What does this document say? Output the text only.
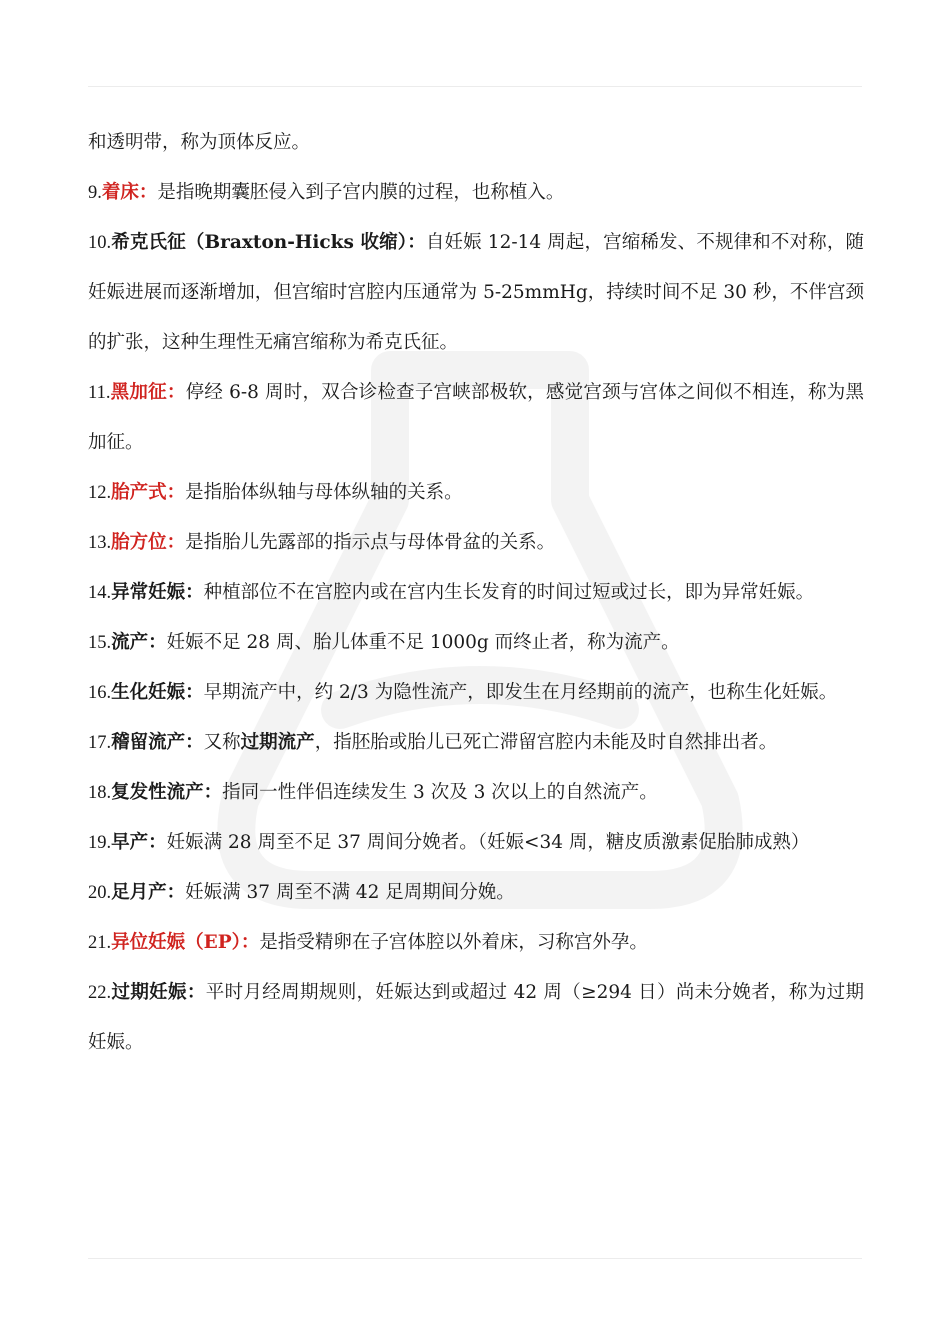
和透明带，称为顶体反应。

9.着床：是指晚期囊胚侵入到子宫内膜的过程，也称植入。

10.希克氏征（Braxton-Hicks 收缩）：自妊娠 12-14 周起，宫缩稀发、不规律和不对称，随妊娠进展而逐渐增加，但宫缩时宫腔内压通常为 5-25mmHg，持续时间不足 30 秒，不伴宫颈的扩张，这种生理性无痛宫缩称为希克氏征。

11.黑加征：停经 6-8 周时，双合诊检查子宫峡部极软，感觉宫颈与宫体之间似不相连，称为黑加征。

12.胎产式：是指胎体纵轴与母体纵轴的关系。

13.胎方位：是指胎儿先露部的指示点与母体骨盆的关系。

14.异常妊娠：种植部位不在宫腔内或在宫内生长发育的时间过短或过长，即为异常妊娠。

15.流产：妊娠不足 28 周、胎儿体重不足 1000g 而终止者，称为流产。

16.生化妊娠：早期流产中，约 2/3 为隐性流产，即发生在月经期前的流产，也称生化妊娠。

17.稽留流产：又称过期流产，指胚胎或胎儿已死亡滞留宫腔内未能及时自然排出者。

18.复发性流产：指同一性伴侣连续发生 3 次及 3 次以上的自然流产。

19.早产：妊娠满 28 周至不足 37 周间分娩者。（妊娠<34 周，糖皮质激素促胎肺成熟）

20.足月产：妊娠满 37 周至不满 42 足周期间分娩。

21.异位妊娠（EP）：是指受精卵在子宫体腔以外着床，习称宫外孕。

22.过期妊娠：平时月经周期规则，妊娠达到或超过 42 周（≥294 日）尚未分娩者，称为过期妊娠。
